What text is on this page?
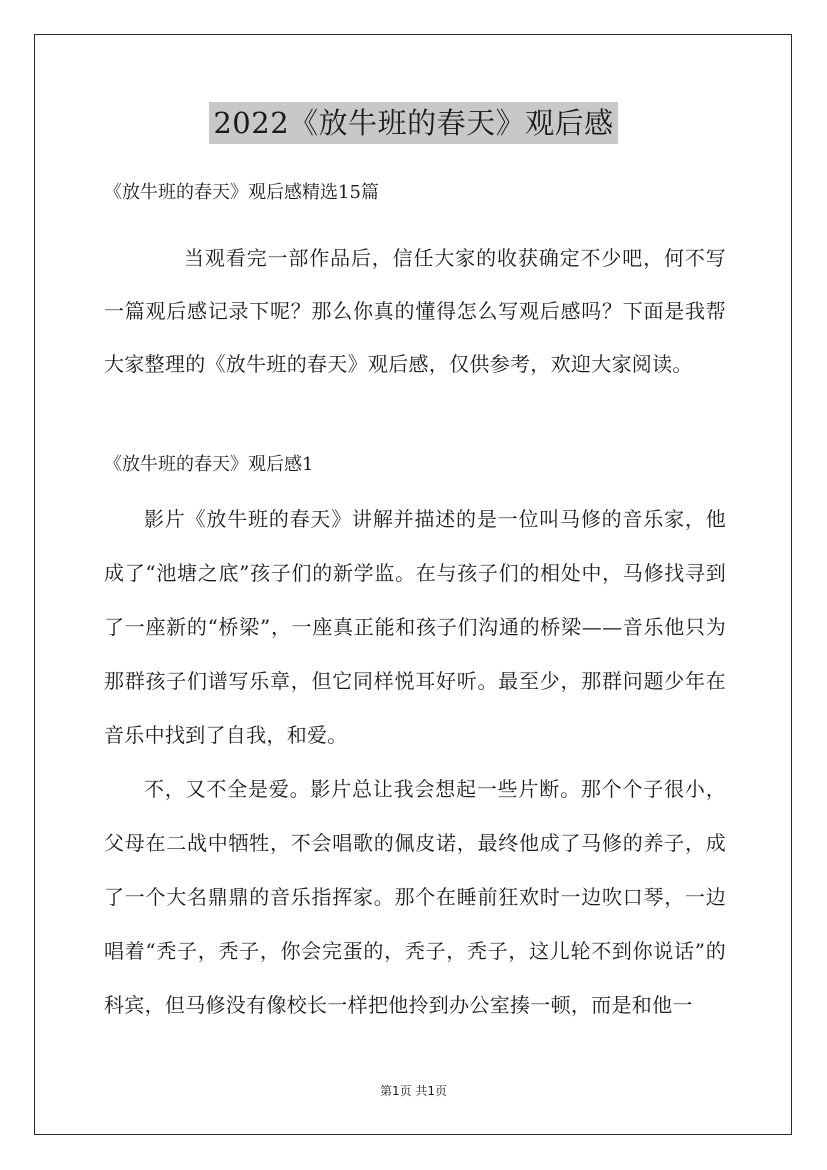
2022《放牛班的春天》观后感
《放牛班的春天》观后感精选15篇

当观看完一部作品后，信任大家的收获确定不少吧，何不写一篇观后感记录下呢？那么你真的懂得怎么写观后感吗？下面是我帮大家整理的《放牛班的春天》观后感，仅供参考，欢迎大家阅读。

《放牛班的春天》观后感1

影片《放牛班的春天》讲解并描述的是一位叫马修的音乐家，他成了“池塘之底”孩子们的新学监。在与孩子们的相处中，马修找寻到了一座新的“桥梁”，一座真正能和孩子们沟通的桥梁——音乐他只为那群孩子们谱写乐章，但它同样悦耳好听。最至少，那群问题少年在音乐中找到了自我，和爱。

不，又不全是爱。影片总让我会想起一些片断。那个个子很小，父母在二战中牺牲，不会唱歌的佩皮诺，最终他成了马修的养子，成了一个大名鼎鼎的音乐指挥家。那个在睡前狂欢时一边吹口琴，一边唱着“秃子，秃子，你会完蛋的，秃子，秃子，这儿轮不到你说话”的科宾，但马修没有像校长一样把他拎到办公室揍一顿，而是和他一

第1页 共1页
